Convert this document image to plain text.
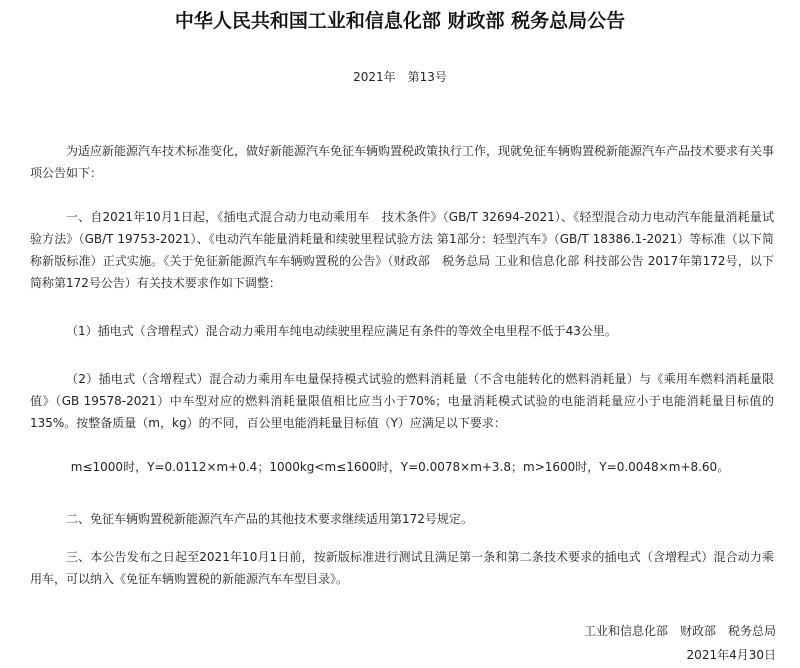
中华人民共和国工业和信息化部 财政部 税务总局公告
2021年 第13号

为适应新能源汽车技术标准变化，做好新能源汽车免征车辆购置税政策执行工作，现就免征车辆购置税新能源汽车产品技术要求有关事项公告如下：

一、自2021年10月1日起，《插电式混合动力电动乘用车　技术条件》（GB/T 32694-2021）、《轻型混合动力电动汽车能量消耗量试验方法》（GB/T 19753-2021）、《电动汽车能量消耗量和续驶里程试验方法 第1部分：轻型汽车》（GB/T 18386.1-2021）等标准（以下简称新版标准）正式实施。《关于免征新能源汽车车辆购置税的公告》（财政部　税务总局 工业和信息化部 科技部公告 2017年第172号，以下简称第172号公告）有关技术要求作如下调整：

（1）插电式（含增程式）混合动力乘用车纯电动续驶里程应满足有条件的等效全电里程不低于43公里。

（2）插电式（含增程式）混合动力乘用车电量保持模式试验的燃料消耗量（不含电能转化的燃料消耗量）与《乘用车燃料消耗量限值》（GB 19578-2021）中车型对应的燃料消耗量限值相比应当小于70%；电量消耗模式试验的电能消耗量应小于电能消耗量目标值的135%。按整备质量（m，kg）的不同，百公里电能消耗量目标值（Y）应满足以下要求：

m≤1000时，Y=0.0112×m+0.4；1000kg<m≤1600时，Y=0.0078×m+3.8；m>1600时，Y=0.0048×m+8.60。

二、免征车辆购置税新能源汽车产品的其他技术要求继续适用第172号规定。

三、本公告发布之日起至2021年10月1日前，按新版标准进行测试且满足第一条和第二条技术要求的插电式（含增程式）混合动力乘用车，可以纳入《免征车辆购置税的新能源汽车车型目录》。

工业和信息化部　财政部　税务总局
2021年4月30日
